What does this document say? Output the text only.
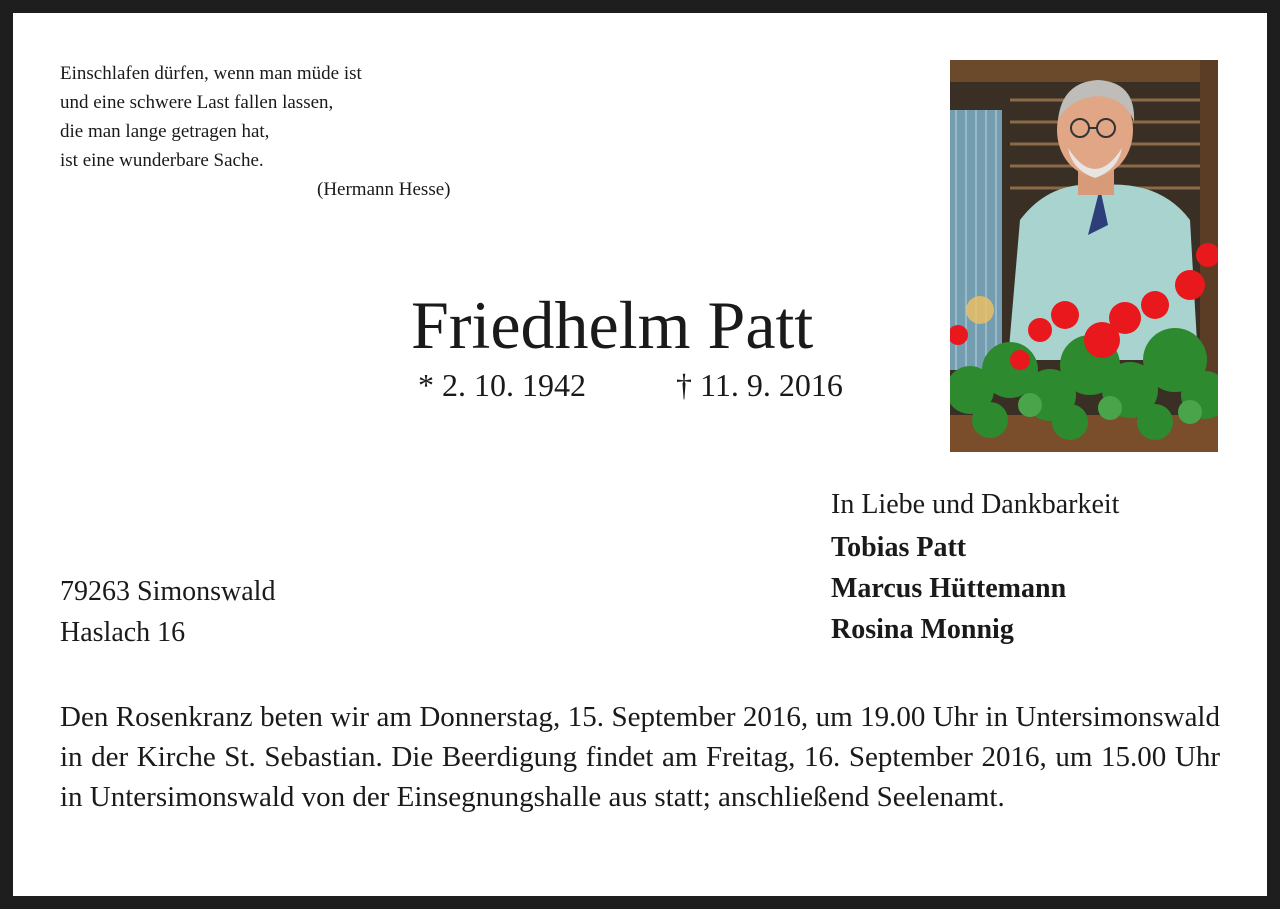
Einschlafen dürfen, wenn man müde ist
und eine schwere Last fallen lassen,
die man lange getragen hat,
ist eine wunderbare Sache.
(Hermann Hesse)
Friedhelm Patt
* 2. 10. 1942	† 11. 9. 2016
In Liebe und Dankbarkeit
Tobias Patt
Marcus Hüttemann
Rosina Monnig
79263 Simonswald
Haslach 16
Den Rosenkranz beten wir am Donnerstag, 15. September 2016, um 19.00 Uhr in Untersimonswald in der Kirche St. Sebastian. Die Beerdigung findet am Freitag, 16. September 2016, um 15.00 Uhr in Untersimonswald von der Einsegnungshalle aus statt; anschließend Seelenamt.
